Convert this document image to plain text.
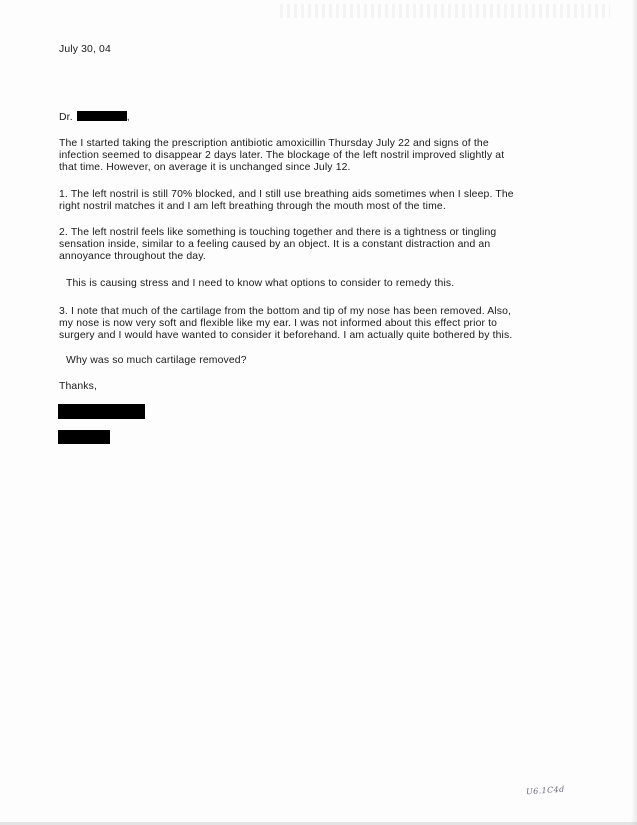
July 30, 04
Dr.	,
The I started taking the prescription antibiotic amoxicillin Thursday July 22 and signs of the
infection seemed to disappear 2 days later. The blockage of the left nostril improved slightly at
that time. However, on average it is unchanged since July 12.
1. The left nostril is still 70% blocked, and I still use breathing aids sometimes when I sleep. The
right nostril matches it and I am left breathing through the mouth most of the time.
2. The left nostril feels like something is touching together and there is a tightness or tingling
sensation inside, similar to a feeling caused by an object. It is a constant distraction and an
annoyance throughout the day.
This is causing stress and I need to know what options to consider to remedy this.
3. I note that much of the cartilage from the bottom and tip of my nose has been removed. Also,
my nose is now very soft and flexible like my ear. I was not informed about this effect prior to
surgery and I would have wanted to consider it beforehand. I am actually quite bothered by this.
Why was so much cartilage removed?
Thanks,
U6.1C4d
